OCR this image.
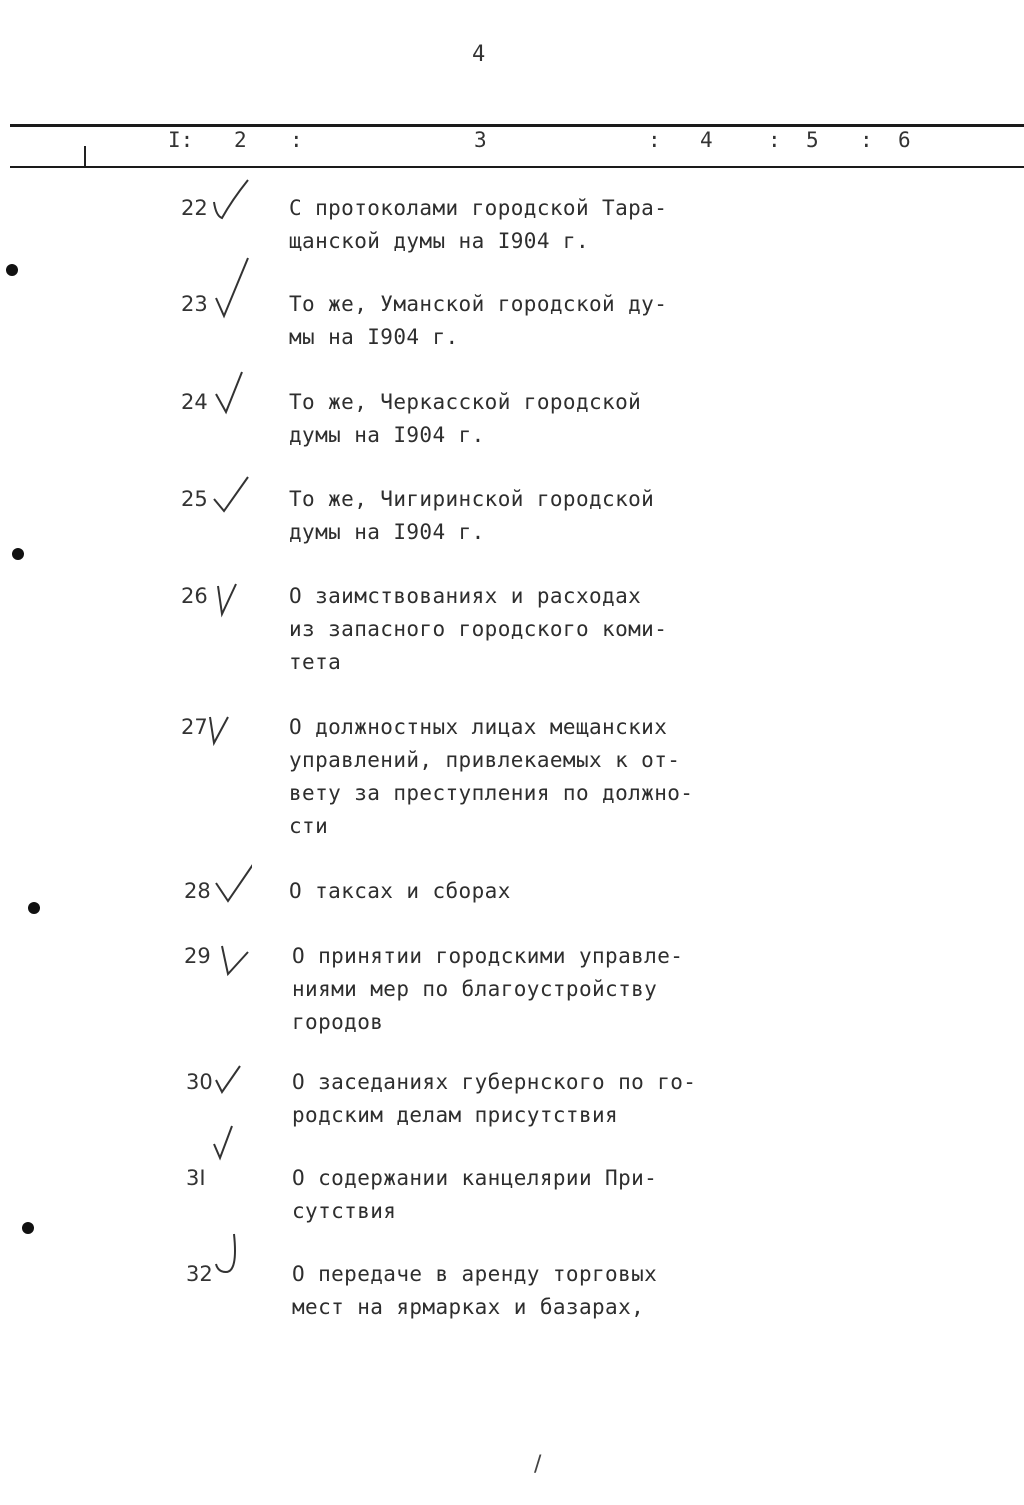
4
I: 2 :	3	: 4	: 5 : 6
22	С протоколами городской Тара-
щанской думы на I904 г.
23	То же, Уманской городской ду-
мы на I904 г.
24	То же, Черкасской городской
думы на I904 г.
25	То же, Чигиринской городской
думы на I904 г.
26	О заимствованиях и расходах
из запасного городского коми-
тета
27	О должностных лицах мещанских
управлений, привлекаемых к от-
вету за преступления по должно-
сти
28	О таксах и сборах
29	О принятии городскими управле-
ниями мер по благоустройству
городов
30	О заседаниях губернского по го-
родским делам присутствия
3I	О содержании канцелярии При-
сутствия
32	О передаче в аренду торговых
мест на ярмарках и базарах,
/
